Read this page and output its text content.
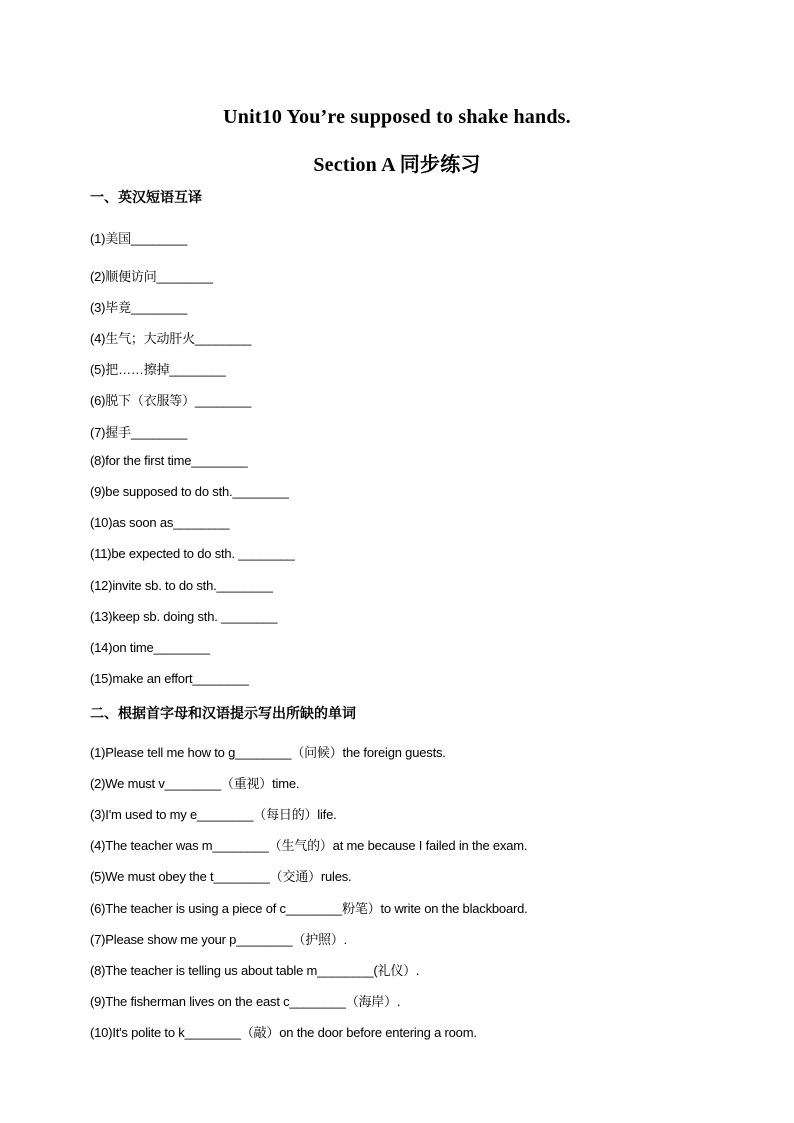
Unit10 You’re supposed to shake hands.
Section A 同步练习
一、英汉短语互译
(1)美国________
(2)顺便访问________
(3)毕竟________
(4)生气；大动肝火________
(5)把……擦掉________
(6)脱下（衣服等）________
(7)握手________
(8)for the first time________
(9)be supposed to do sth.________
(10)as soon as________
(11)be expected to do sth. ________
(12)invite sb. to do sth.________
(13)keep sb. doing sth. ________
(14)on time________
(15)make an effort________
二、根据首字母和汉语提示写出所缺的单词
(1)Please tell me how to g________（问候）the foreign guests.
(2)We must v________（重视）time.
(3)I'm used to my e________（每日的）life.
(4)The teacher was m________（生气的）at me because I failed in the exam.
(5)We must obey the t________（交通）rules.
(6)The teacher is using a piece of c________粉笔）to write on the blackboard.
(7)Please show me your p________（护照）.
(8)The teacher is telling us about table m________(礼仪）.
(9)The fisherman lives on the east c________（海岸）.
(10)It's polite to k________（敲）on the door before entering a room.
